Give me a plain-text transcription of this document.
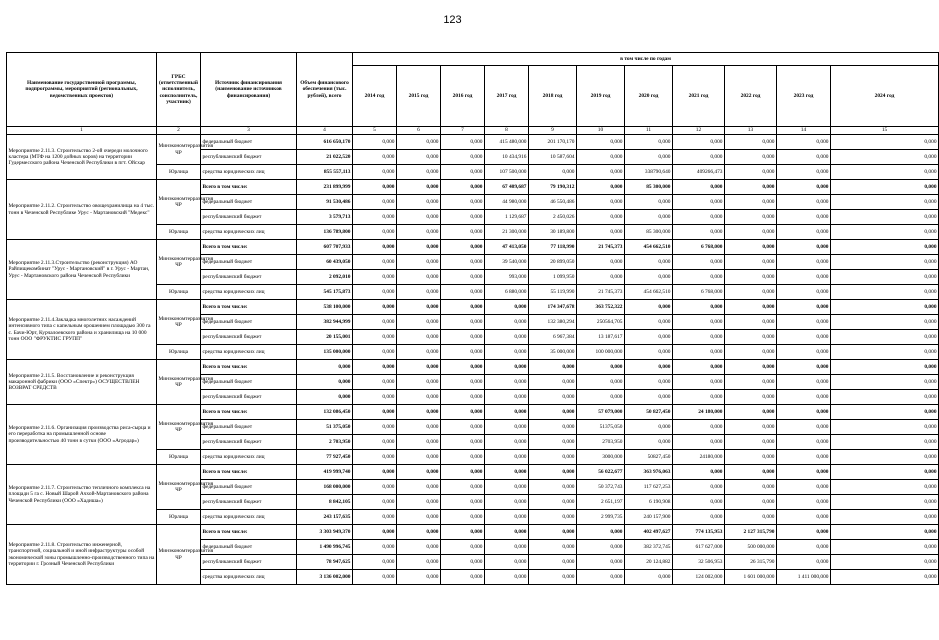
123
Наименование государственной программы, подпрограммы, мероприятий (региональных, ведомственных проектов)	ГРБС (ответственный исполнитель, соисполнитель, участник)	Источник финансирования (наименование источников финансирования)	Объем финансового обеспечения (тыс. рублей), всего	в том числе по годам										
				2014 год	2015 год	2016 год	2017 год	2018 год	2019 год	2020 год	2021 год	2022 год	2023 год	2024 год
1	2	3	4	5	6	7	8	9	10	11	12	13	14	15
Мероприятие 2.11.3. Строительство 2-ой очереди молочного кластера (МТФ на 1200 дойных коров) на территории Гудермесского района Чеченской Республики в пгт. Ойсхар	Минэкономтерразвития ЧР	федеральный бюджет	616 650,170	0,000	0,000	0,000	415 480,000	201 170,170	0,000	0,000	0,000	0,000	0,000	0,000
		республиканский бюджет	21 022,520	0,000	0,000	0,000	10 434,916	10 587,604	0,000	0,000	0,000	0,000	0,000	0,000
	Юрлица	средства юридических лиц	855 557,113	0,000	0,000	0,000	107 500,000	0,000	0,000	338790,640	409266,473	0,000	0,000	0,000
Мероприятие 2.11.2. Строительство овощехранилища на 4 тыс. тонн в Чеченской Республике Урус - Мартановский "Медекс"	Минэкономтерразвития ЧР	Всего в том числе:	231 899,999	0,000	0,000	0,000	67 409,687	79 190,312	0,000	85 300,000	0,000	0,000	0,000	0,000
		федеральный бюджет	91 530,486	0,000	0,000	0,000	44 980,000	46 550,486	0,000	0,000	0,000	0,000	0,000	0,000
		республиканский бюджет	3 579,713	0,000	0,000	0,000	1 129,687	2 450,026	0,000	0,000	0,000	0,000	0,000	0,000
	Юрлица	средства юридических лиц	136 789,800	0,000	0,000	0,000	21 300,000	30 189,800	0,000	85 300,000	0,000	0,000	0,000	0,000
Мероприятие 2.11.3.Строительство (реконструкция) АО Райпищекомбинат "Урус - Мартановский" в г. Урус - Мартан, Урус - Мартановского района Чеченской Республики	Минэкономтерразвития ЧР	Всего в том числе:	607 707,933	0,000	0,000	0,000	47 413,050	77 118,990	21 745,373	454 662,510	6 768,000	0,000	0,000	0,000
		федеральный бюджет	60 439,050	0,000	0,000	0,000	39 540,000	20 899,050	0,000	0,000	0,000	0,000	0,000	0,000
		республиканский бюджет	2 092,010	0,000	0,000	0,000	993,000	1 099,950	0,000	0,000	0,000	0,000	0,000	0,000
	Юрлица	средства юридических лиц	545 175,873	0,000	0,000	0,000	6 880,000	55 119,990	21 745,373	454 662,510	6 768,000	0,000	0,000	0,000
Мероприятие 2.11.4.Закладка многолетних насаждений интенсивного типа с капельным орошением площадью 300 га с. Бачи-Юрт, Курчалоевского района и хранилища на 10 000 тонн ООО "ФРУКТИС ГРУПП"	Минэкономтерразвития ЧР	Всего в том числе:	538 100,000	0,000	0,000	0,000	0,000	174 347,678	363 752,322	0,000	0,000	0,000	0,000	0,000
		федеральный бюджет	382 944,999	0,000	0,000	0,000	0,000	132 380,294	250564,705	0,000	0,000	0,000	0,000	0,000
		республиканский бюджет	20 155,001	0,000	0,000	0,000	0,000	6 967,384	13 187,617	0,000	0,000	0,000	0,000	0,000
	Юрлица	средства юридических лиц	135 000,000	0,000	0,000	0,000	0,000	35 000,000	100 000,000	0,000	0,000	0,000	0,000	0,000
Мероприятие 2.11.5. Восстановление и реконструкция макаронной фабрики (ООО «Спектр») ОСУЩЕСТВЛЕН ВОЗВРАТ СРЕДСТВ	Минэкономтерразвития ЧР	Всего в том числе:	0,000	0,000	0,000	0,000	0,000	0,000	0,000	0,000	0,000	0,000	0,000	0,000
		федеральный бюджет	0,000	0,000	0,000	0,000	0,000	0,000	0,000	0,000	0,000	0,000	0,000	0,000
		республиканский бюджет	0,000	0,000	0,000	0,000	0,000	0,000	0,000	0,000	0,000	0,000	0,000	0,000
Мероприятие 2.11.6. Организация производства риса-сырца и его переработка на промышленной основе производительностью 40 тонн в сутки (ООО «Агродар»)	Минэкономтерразвития ЧР	Всего в том числе:	132 086,450	0,000	0,000	0,000	0,000	0,000	57 079,000	50 827,450	24 180,000	0,000	0,000	0,000
		федеральный бюджет	51 375,050	0,000	0,000	0,000	0,000	0,000	51375,050	0,000	0,000	0,000	0,000	0,000
		республиканский бюджет	2 703,950	0,000	0,000	0,000	0,000	0,000	2703,950	0,000	0,000	0,000	0,000	0,000
	Юрлица	средства юридических лиц	77 927,450	0,000	0,000	0,000	0,000	0,000	3000,000	50827,450	24180,000	0,000	0,000	0,000
Мероприятие 2.11.7. Строительство тепличного комплекса на площади 5 га с. Новый Шарой Ачхой-Мартановского района Чеченской Республики (ООО «Хадиша»)	Минэкономтерразвития ЧР	Всего в том числе:	419 999,740	0,000	0,000	0,000	0,000	0,000	56 022,677	363 976,063	0,000	0,000	0,000	0,000
		федеральный бюджет	168 000,000	0,000	0,000	0,000	0,000	0,000	50 372,743	117 627,253	0,000	0,000	0,000	0,000
		республиканский бюджет	8 842,105	0,000	0,000	0,000	0,000	0,000	2 651,197	6 190,908	0,000	0,000	0,000	0,000
	Юрлица	средства юридических лиц	243 157,635	0,000	0,000	0,000	0,000	0,000	2 999,735	240 157,900	0,000	0,000	0,000	0,000
Мероприятие 2.11.8. Строительство инженерной, транспортной, социальной и иной инфраструктуры особой экономической зоны промышленно-производственного типа на территории г. Грозный Чеченской Республики	Минэкономтерразвития ЧР	Всего в том числе:	3 303 949,370	0,000	0,000	0,000	0,000	0,000	0,000	402 497,627	774 135,953	2 127 315,790	0,000	0,000
		федеральный бюджет	1 490 996,745	0,000	0,000	0,000	0,000	0,000	0,000	382 372,745	617 627,000	500 000,000	0,000	0,000
		республиканский бюджет	78 947,625	0,000	0,000	0,000	0,000	0,000	0,000	20 124,882	32 506,953	26 315,790	0,000	0,000
		средства юридических лиц	3 136 002,000	0,000	0,000	0,000	0,000	0,000	0,000	0,000	124 002,000	1 601 000,000	1 411 000,000	0,000
